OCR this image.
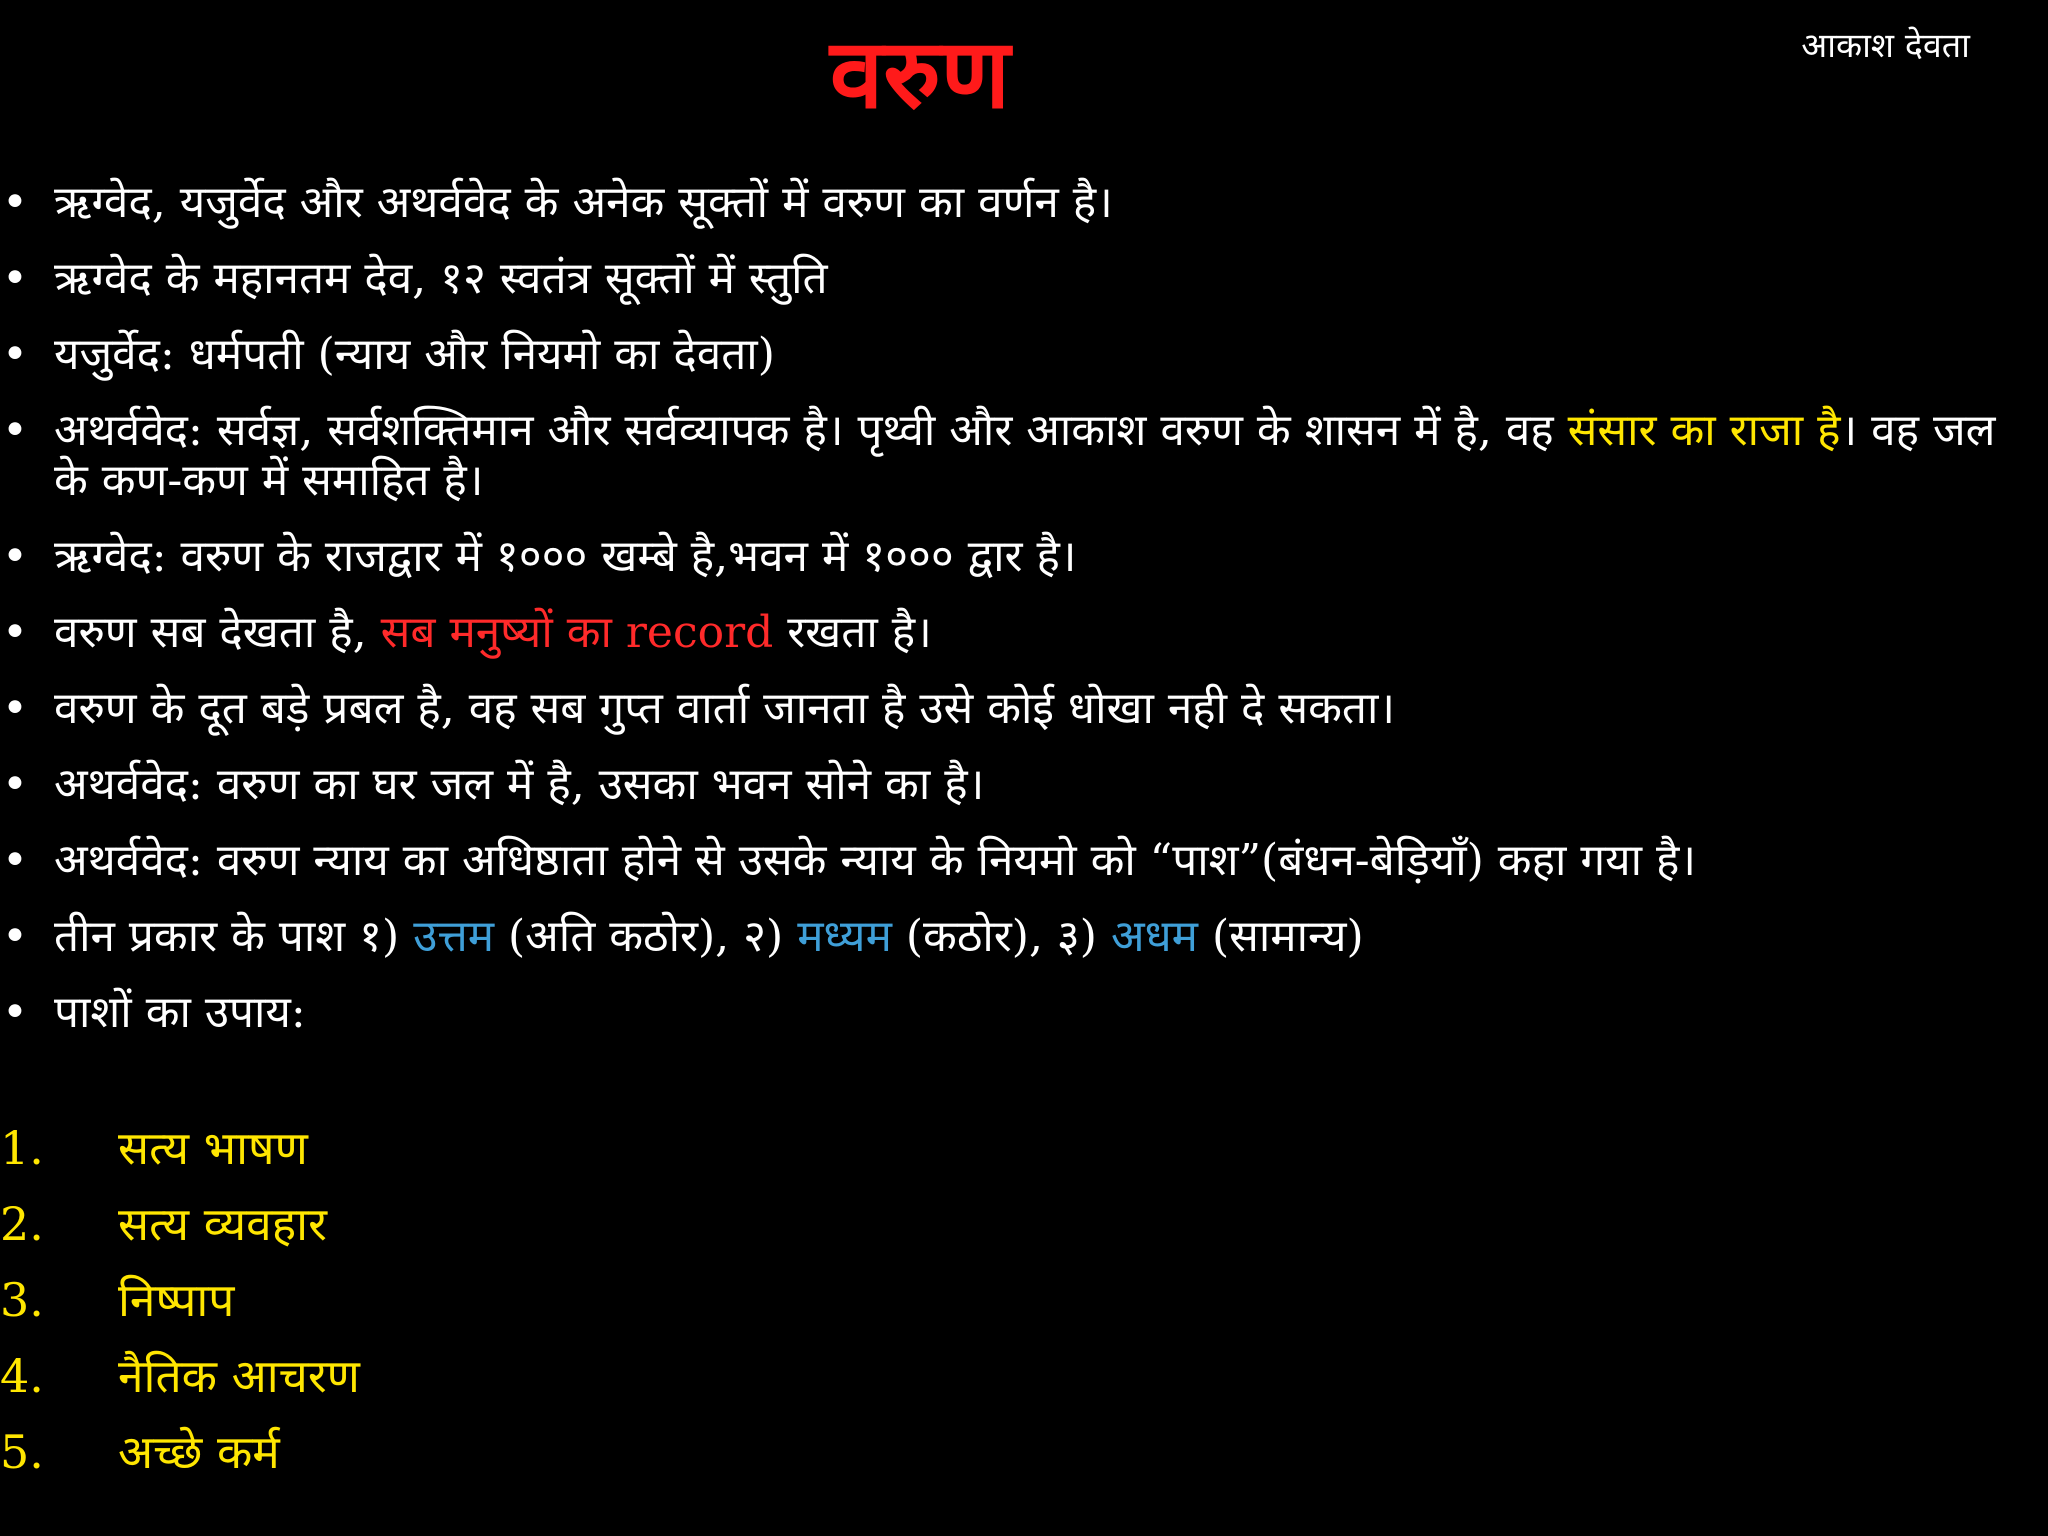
वरुण	आकाश देवता
• ऋग्वेद, यजुर्वेद और अथर्ववेद के अनेक सूक्तों में वरुण का वर्णन है।
• ऋग्वेद के महानतम देव, १२ स्वतंत्र सूक्तों में स्तुति
• यजुर्वेद: धर्मपती (न्याय और नियमो का देवता)
• अथर्ववेद: सर्वज्ञ, सर्वशक्तिमान और सर्वव्यापक है। पृथ्वी और आकाश वरुण के शासन में है, वह संसार का राजा है। वह जल के कण-कण में समाहित है।
• ऋग्वेद: वरुण के राजद्वार में १००० खम्बे है,भवन में १००० द्वार है।
• वरुण सब देखता है, सब मनुष्यों का record रखता है।
• वरुण के दूत बड़े प्रबल है, वह सब गुप्त वार्ता जानता है उसे कोई धोखा नही दे सकता।
• अथर्ववेद: वरुण का घर जल में है, उसका भवन सोने का है।
• अथर्ववेद: वरुण न्याय का अधिष्ठाता होने से उसके न्याय के नियमो को “पाश”(बंधन-बेड़ियाँ) कहा गया है।
• तीन प्रकार के पाश १) उत्तम (अति कठोर), २) मध्यम (कठोर), ३) अधम (सामान्य)
• पाशों का उपाय:
1.	सत्य भाषण
2.	सत्य व्यवहार
3.	निष्पाप
4.	नैतिक आचरण
5.	अच्छे कर्म
